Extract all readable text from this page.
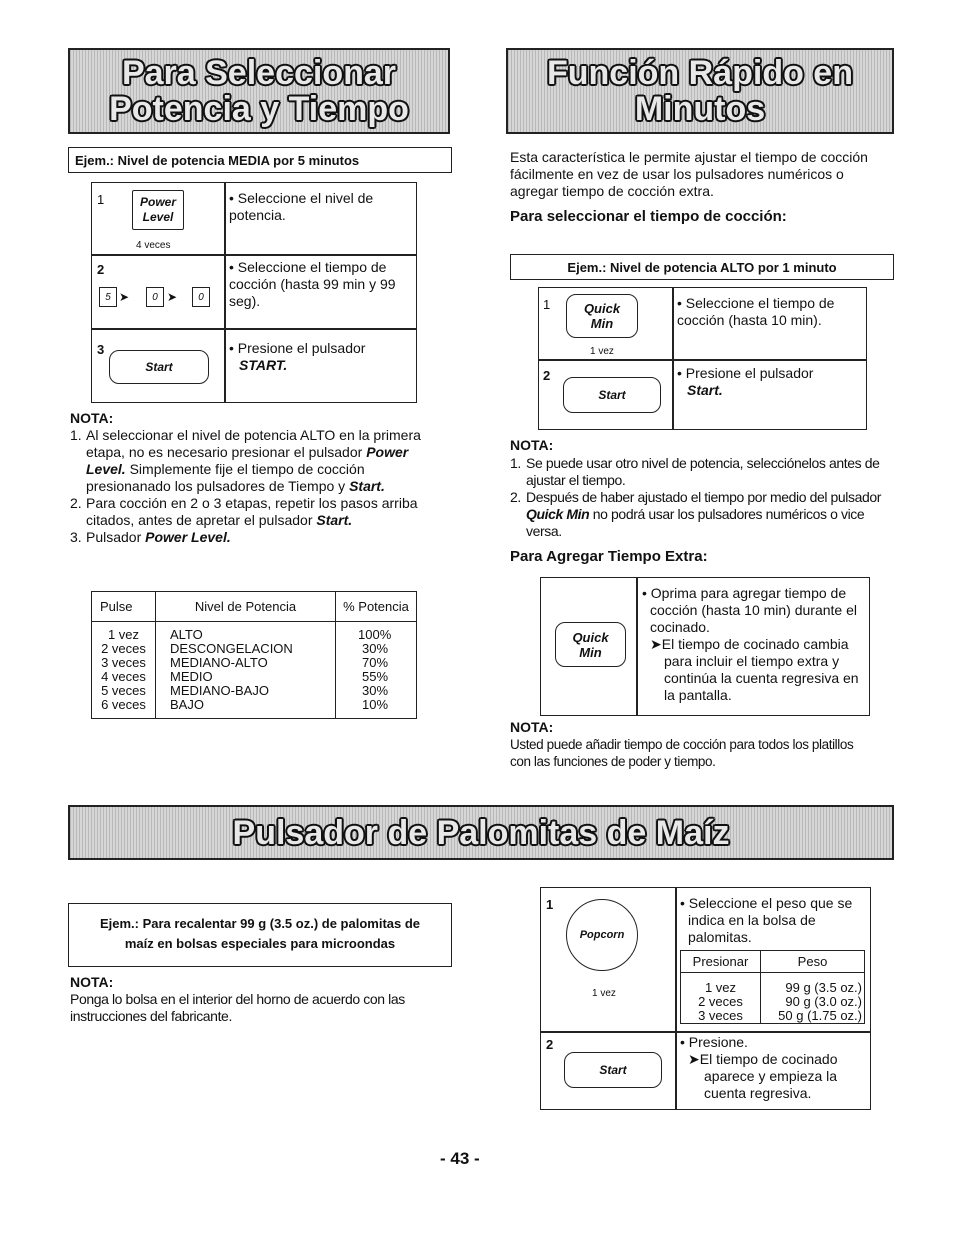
Para Seleccionar
Potencia y Tiempo
Ejem.: Nivel de potencia MEDIA por 5 minutos
1	Power
Level
4 veces
• Seleccione el nivel de potencia.
2
5 ➤	0 ➤	0
• Seleccione el tiempo de cocción (hasta 99 min y 99 seg).
3
Start
• Presione el pulsador
START.
NOTA:
1. Al seleccionar el nivel de potencia ALTO en la primera etapa, no es necesario presionar el pulsador Power Level. Simplemente fije el tiempo de cocción presionanado los pulsadores de Tiempo y Start.
2. Para cocción en 2 o 3 etapas, repetir los pasos arriba citados, antes de apretar el pulsador Start.
3. Pulsador Power Level.
Pulse	Nivel de Potencia	% Potencia
1 vez	ALTO	100%
2 veces	DESCONGELACION	30%
3 veces	MEDIANO-ALTO	70%
4 veces	MEDIO	55%
5 veces	MEDIANO-BAJO	30%
6 veces	BAJO	10%
Función Rápido en
Minutos
Esta característica le permite ajustar el tiempo de cocción fácilmente en vez de usar los pulsadores numéricos o agregar tiempo de cocción extra.
Para seleccionar el tiempo de cocción:
Ejem.: Nivel de potencia ALTO por 1 minuto
1	Quick
Min
1 vez
• Seleccione el tiempo de cocción (hasta 10 min).
2
Start
• Presione el pulsador
Start.
NOTA:
1. Se puede usar otro nivel de potencia, selecciónelos antes de ajustar el tiempo.
2. Después de haber ajustado el tiempo por medio del pulsador Quick Min no podrá usar los pulsadores numéricos o vice versa.
Para Agregar Tiempo Extra:
Quick
Min
• Oprima para agregar tiempo de cocción (hasta 10 min) durante el cocinado.
➤El tiempo de cocinado cambia para incluir el tiempo extra y continúa la cuenta regresiva en la pantalla.
NOTA:
Usted puede añadir tiempo de cocción para todos los platillos con las funciones de poder y tiempo.
Pulsador de Palomitas de Maíz
Ejem.: Para recalentar 99 g (3.5 oz.) de palomitas de
maíz en bolsas especiales para microondas
NOTA:
Ponga lo bolsa en el interior del horno de acuerdo con las instrucciones del fabricante.
1
Popcorn
1 vez
• Seleccione el peso que se indica en la bolsa de palomitas.
Presionar	Peso
1 vez	99 g (3.5 oz.)
2 veces	90 g (3.0 oz.)
3 veces	50 g (1.75 oz.)
2
Start
• Presione.
➤El tiempo de cocinado aparece y empieza la cuenta regresiva.
- 43 -
